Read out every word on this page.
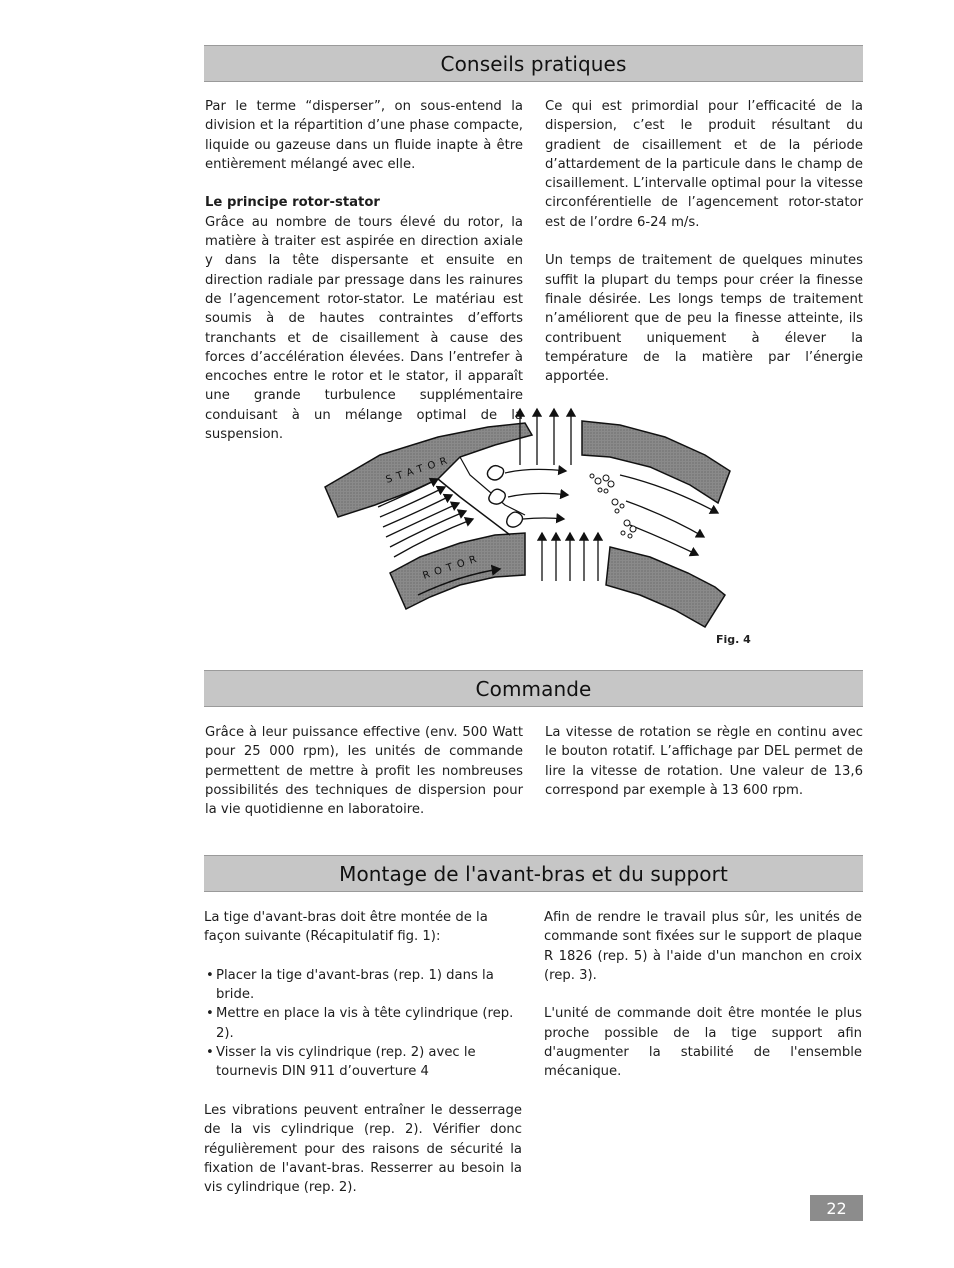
Conseils pratiques

Par le terme “disperser”, on sous-entend la division et la répartition d’une phase compacte, liquide ou gazeuse dans un fluide inapte à être entièrement mélangé avec elle.

Le principe rotor-stator

Grâce au nombre de tours élevé du rotor, la matière à traiter est aspirée en direction axiale y dans la tête dispersante et ensuite en direction radiale par pressage dans les rainures de l’agencement rotor-stator. Le matériau est soumis à de hautes contraintes d’efforts tranchants et de cisaillement à cause des forces d’accélération élevées. Dans l’entrefer à encoches entre le rotor et le stator, il apparaît une grande turbulence supplémentaire conduisant à un mélange optimal de la suspension.

Ce qui est primordial pour l’efficacité de la dispersion, c’est le produit résultant du gradient de cisaillement et de la période d’attardement de la particule dans le champ de cisaillement. L’intervalle optimal pour la vitesse circonférentielle de l’agencement rotor-stator est de l’ordre 6-24 m/s.

Un temps de traitement de quelques minutes suffit la plupart du temps pour créer la finesse finale désirée. Les longs temps de traitement n’améliorent que de peu la finesse atteinte, ils contribuent uniquement à élever la température de la matière par l’énergie apportée.

STATOR
ROTOR
Fig. 4
Commande

Grâce à leur puissance effective (env. 500 Watt pour 25 000 rpm), les unités de commande permettent de mettre à profit les nombreuses possibilités des techniques de dispersion pour la vie quotidienne en laboratoire.

La vitesse de rotation se règle en continu avec le bouton rotatif. L’affichage par DEL permet de lire la vitesse de rotation. Une valeur de 13,6 correspond par exemple à 13 600 rpm.

Montage de l'avant-bras et du support

La tige d'avant-bras doit être montée de la façon suivante (Récapitulatif fig. 1):

• Placer la tige d'avant-bras (rep. 1) dans la bride.
• Mettre en place la vis à tête cylindrique (rep. 2).
• Visser la vis cylindrique (rep. 2) avec le tournevis DIN 911 d’ouverture 4

Les vibrations peuvent entraîner le desserrage de la vis cylindrique (rep. 2). Vérifier donc régulièrement pour des raisons de sécurité la fixation de l'avant-bras. Resserrer au besoin la vis cylindrique (rep. 2).

Afin de rendre le travail plus sûr, les unités de commande sont fixées sur le support de plaque R 1826 (rep. 5) à l'aide d'un manchon en croix (rep. 3).

L'unité de commande doit être montée le plus proche possible de la tige support afin d'augmenter la stabilité de l'ensemble mécanique.

22
